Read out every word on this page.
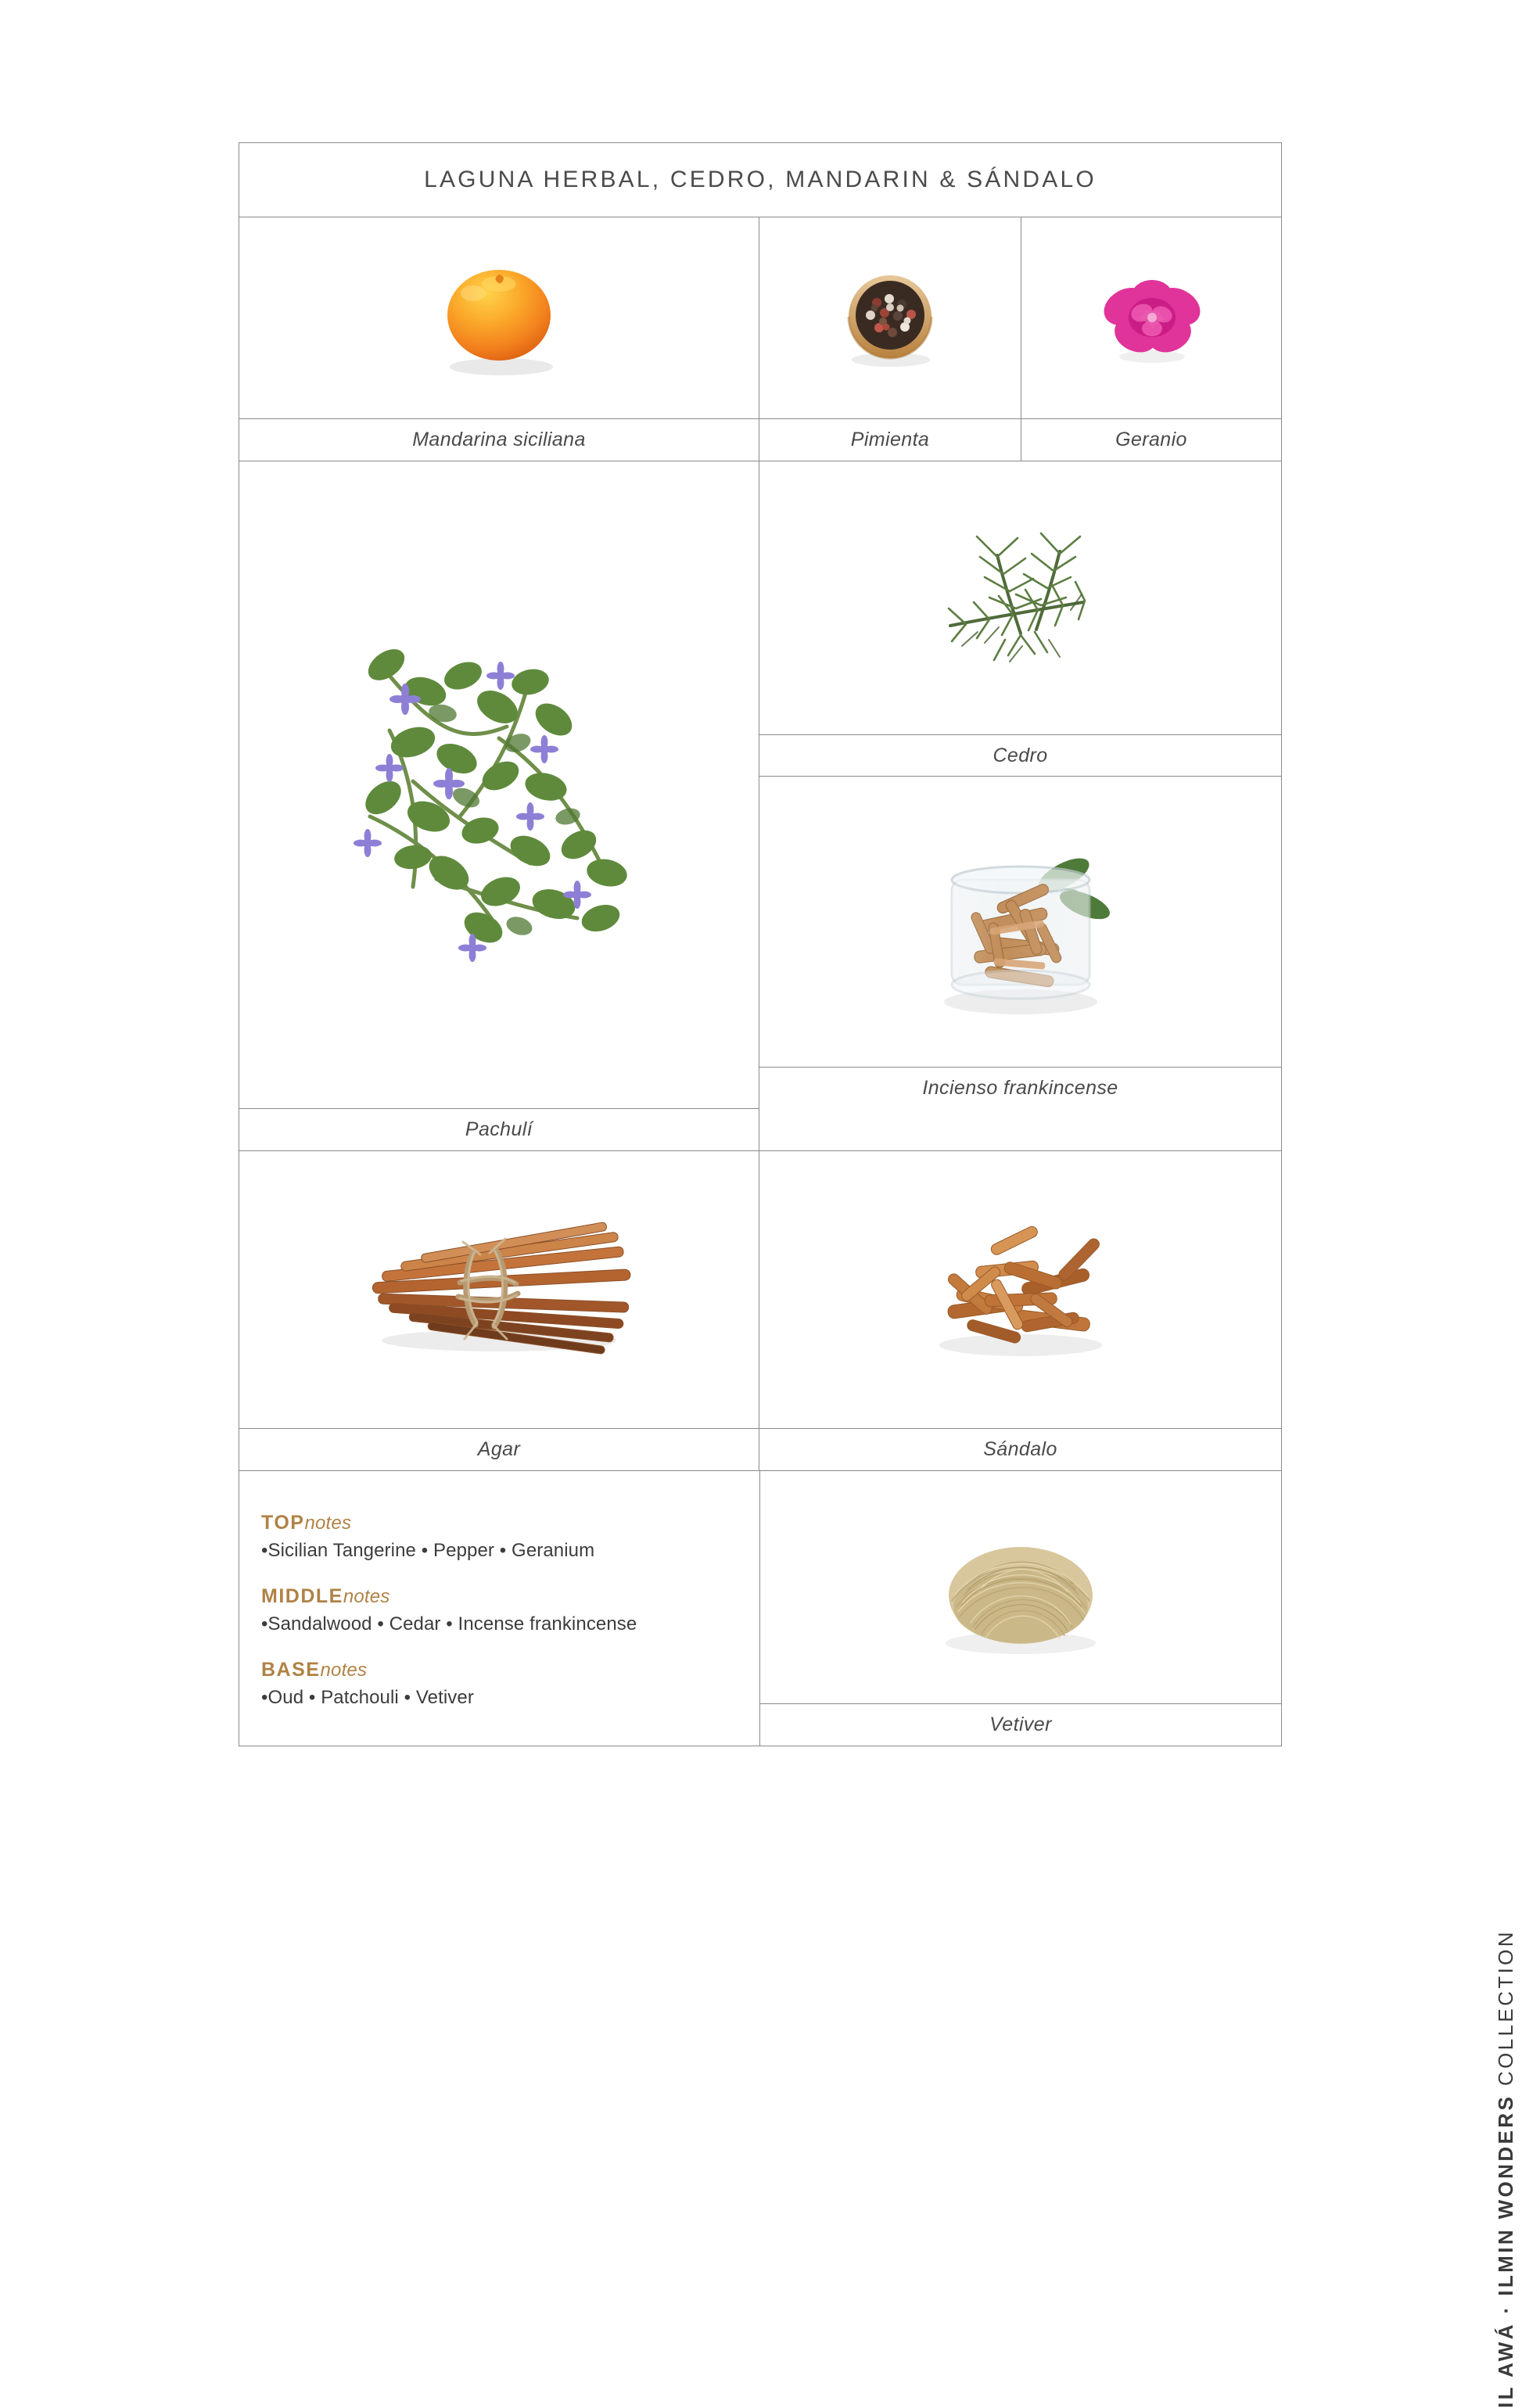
LAGUNA HERBAL, CEDRO, MANDARIN & SÁNDALO
Mandarina siciliana	Pimienta	Geranio
Pachulí
Cedro
Incienso frankincense
Agar	Sándalo
TOPnotes
•Sicilian Tangerine • Pepper • Geranium
MIDDLEnotes
•Sandalwood • Cedar • Incense frankincense
BASEnotes
•Oud • Patchouli • Vetiver
Vetiver
IL AWÁ · ILMIN WONDERS COLLECTION
